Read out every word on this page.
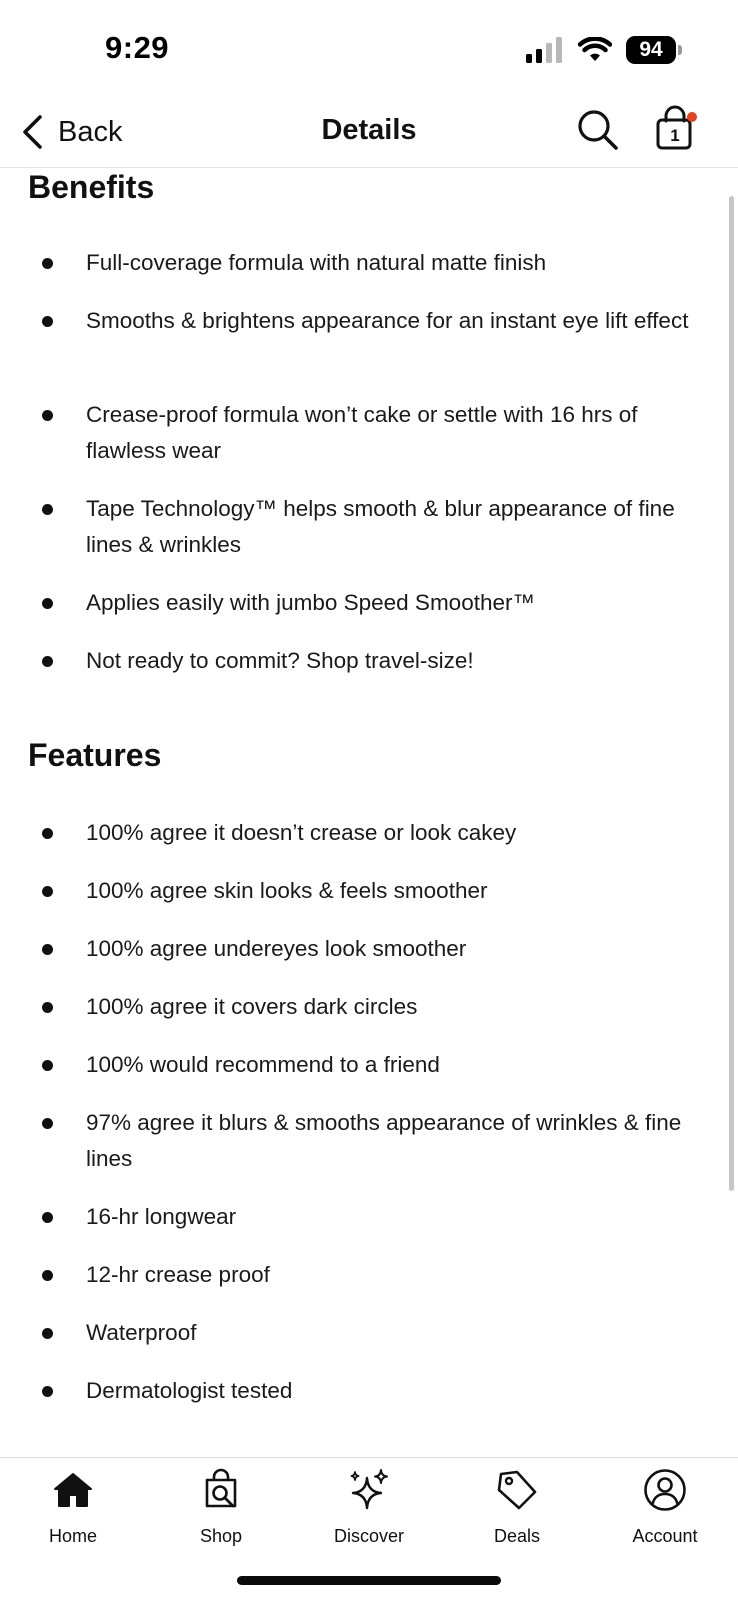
9:29	94
Back	Details	1
Benefits
Full-coverage formula with natural matte finish
Smooths & brightens appearance for an instant eye lift effect
Crease-proof formula won’t cake or settle with 16 hrs of flawless wear
Tape Technology™ helps smooth & blur appearance of fine lines & wrinkles
Applies easily with jumbo Speed Smoother™
Not ready to commit? Shop travel-size!
Features
100% agree it doesn’t crease or look cakey
100% agree skin looks & feels smoother
100% agree undereyes look smoother
100% agree it covers dark circles
100% would recommend to a friend
97% agree it blurs & smooths appearance of wrinkles & fine lines
16-hr longwear
12-hr crease proof
Waterproof
Dermatologist tested
Home	Shop	Discover	Deals	Account
